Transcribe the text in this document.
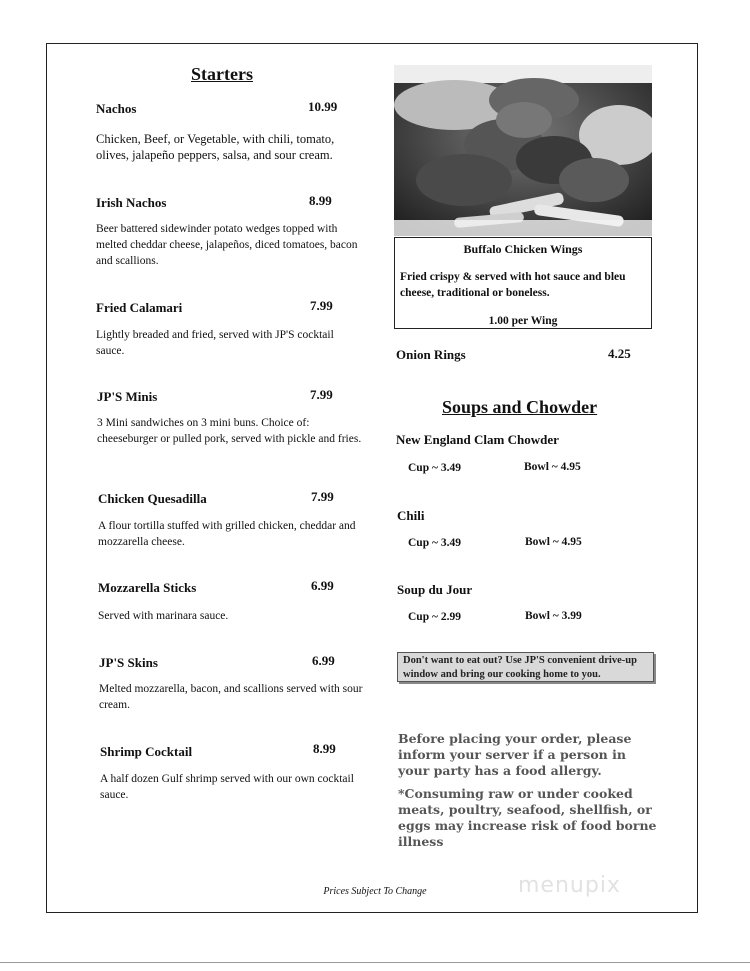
Starters
Nachos	10.99
Chicken, Beef, or Vegetable, with chili, tomato, olives, jalapeño peppers, salsa, and sour cream.
Irish Nachos	8.99
Beer battered sidewinder potato wedges topped with melted cheddar cheese, jalapeños, diced tomatoes, bacon and scallions.
Fried Calamari	7.99
Lightly breaded and fried, served with JP'S cocktail sauce.
JP'S Minis	7.99
3 Mini sandwiches on 3 mini buns. Choice of: cheeseburger or pulled pork, served with pickle and fries.
Chicken Quesadilla	7.99
A flour tortilla stuffed with grilled chicken, cheddar and mozzarella cheese.
Mozzarella Sticks	6.99
Served with marinara sauce.
JP'S Skins	6.99
Melted mozzarella, bacon, and scallions served with sour cream.
Shrimp Cocktail	8.99
A half dozen Gulf shrimp served with our own cocktail sauce.
Buffalo Chicken Wings
Fried crispy & served with hot sauce and bleu cheese, traditional or boneless.
1.00 per Wing
Onion Rings	4.25
Soups and Chowder
New England Clam Chowder
Cup ~ 3.49	Bowl ~ 4.95
Chili
Cup ~ 3.49	Bowl ~ 4.95
Soup du Jour
Cup ~ 2.99	Bowl ~ 3.99
Don't want to eat out? Use JP'S convenient drive-up window and bring our cooking home to you.
Before placing your order, please inform your server if a person in your party has a food allergy.
*Consuming raw or under cooked meats, poultry, seafood, shellfish, or eggs may increase risk of food borne illness
Prices Subject To Change	menupix
